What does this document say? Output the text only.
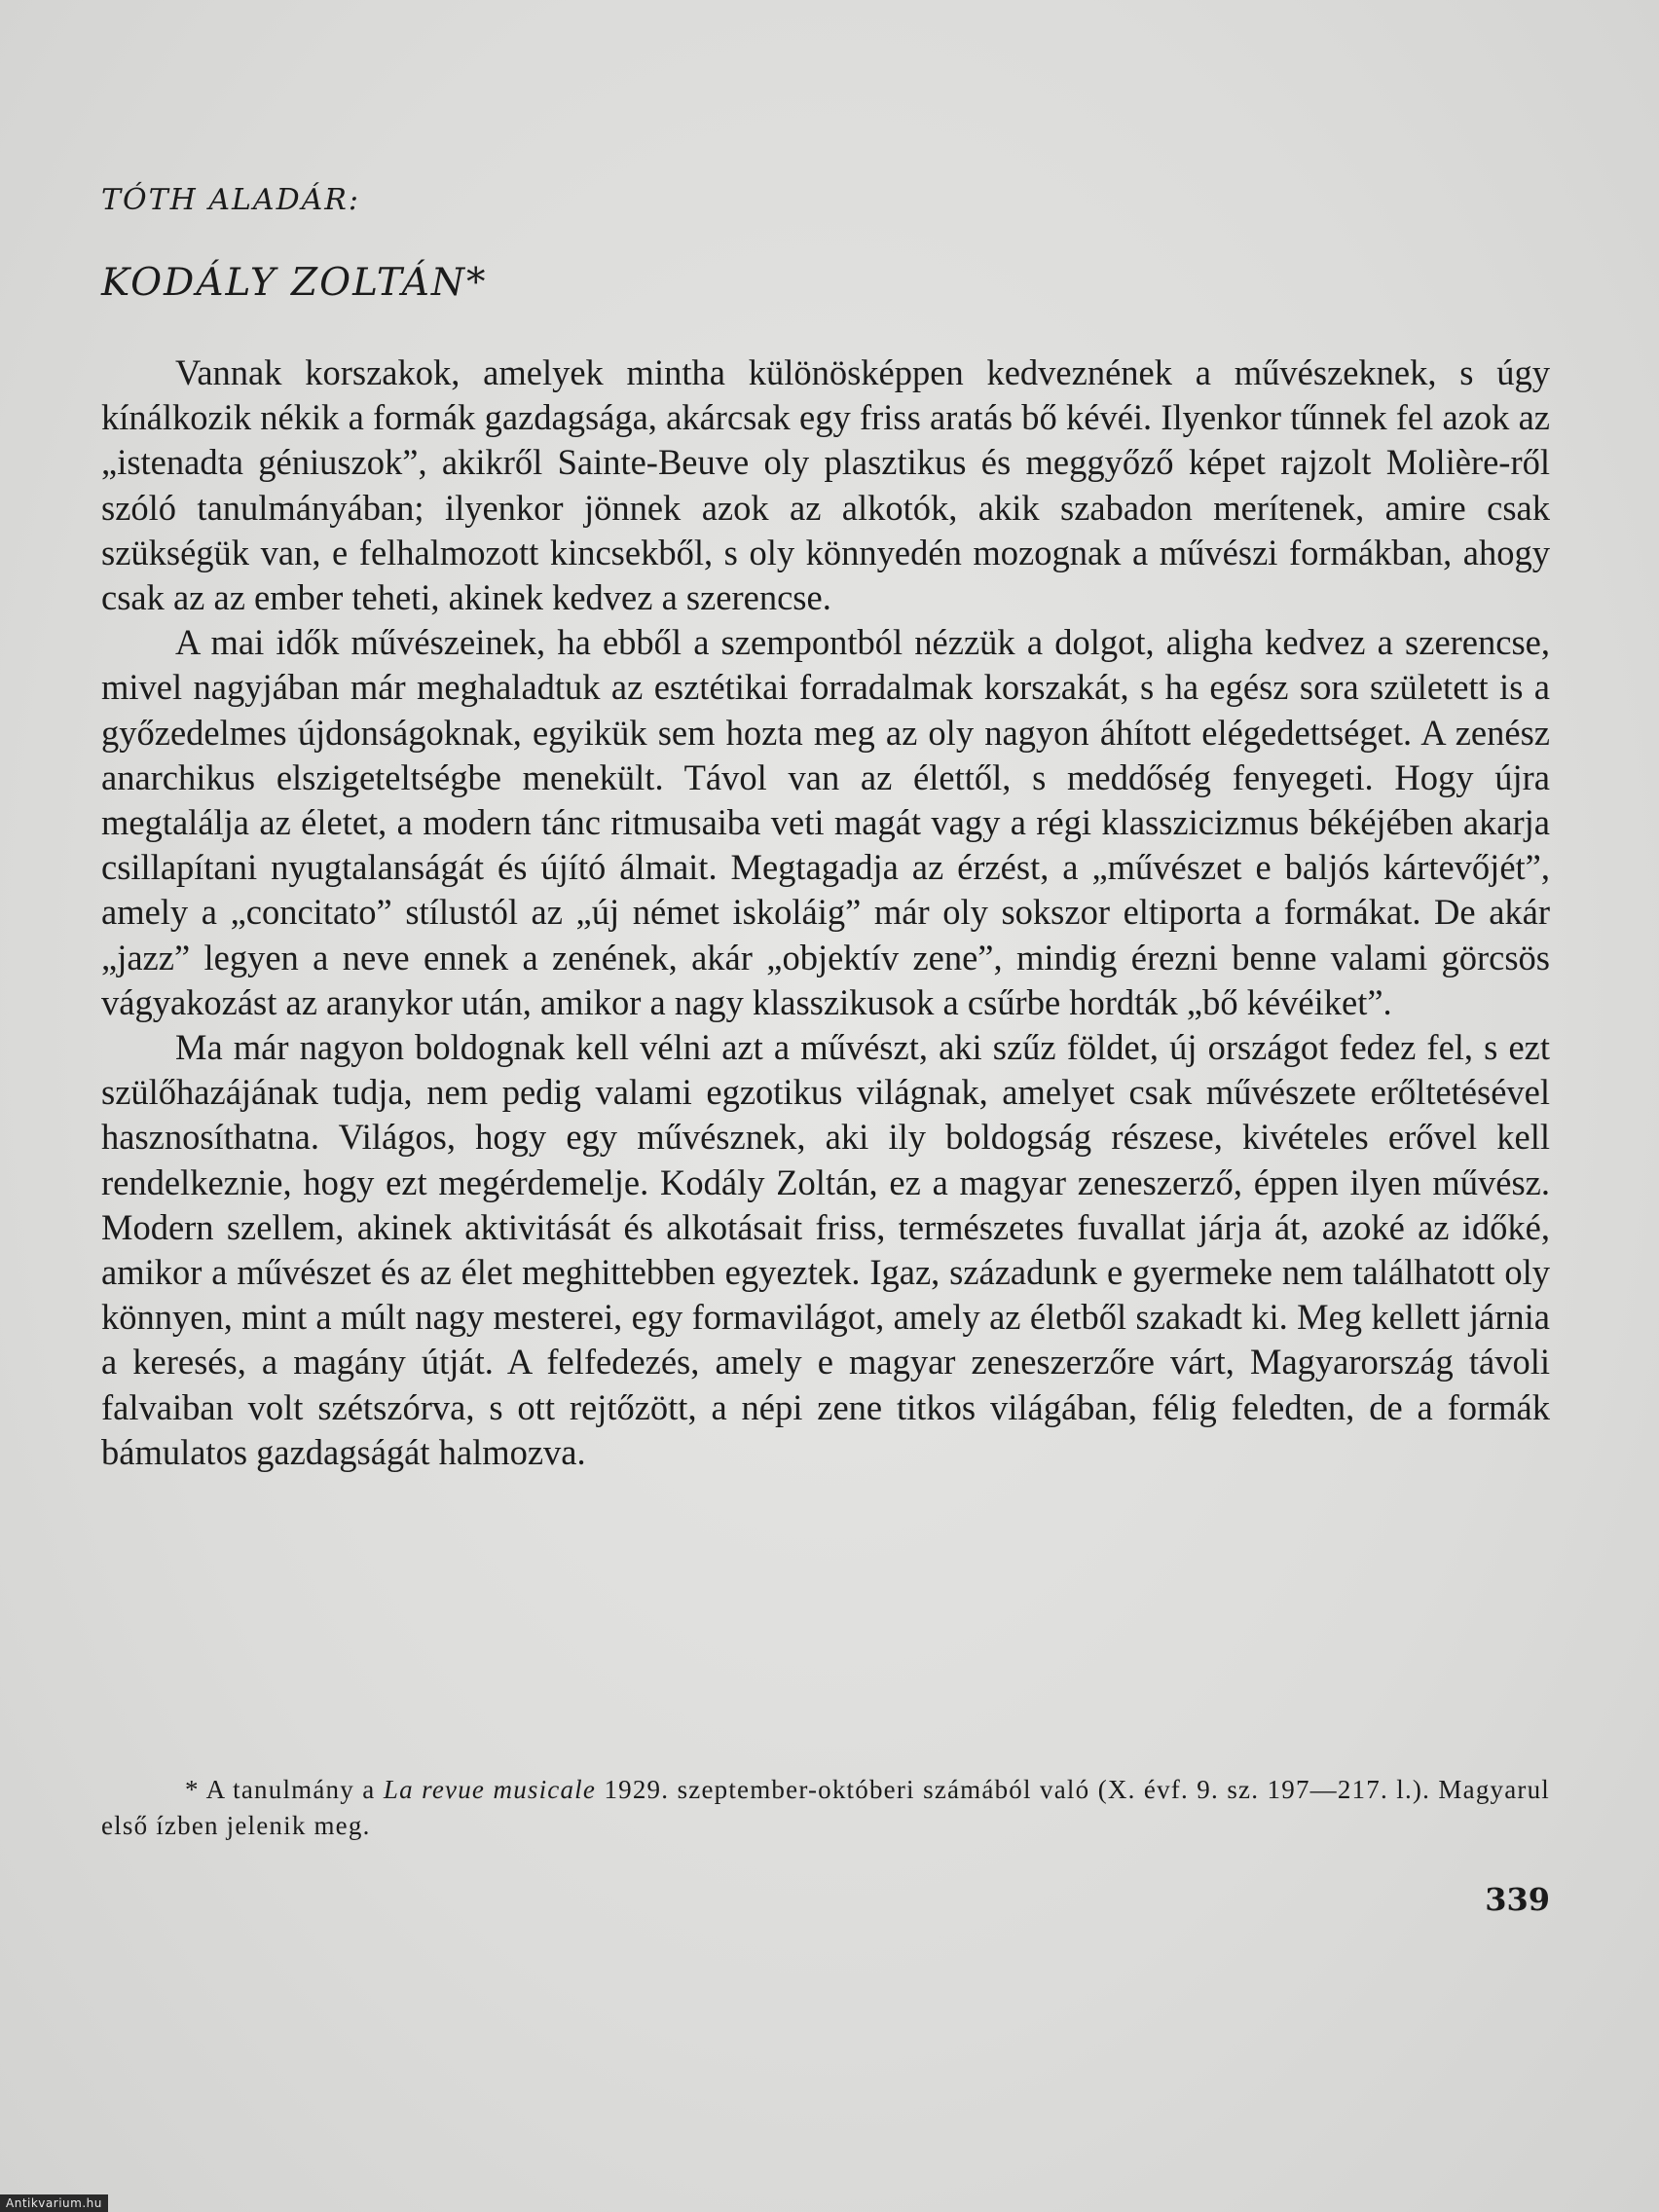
TÓTH ALADÁR:
KODÁLY ZOLTÁN*

Vannak korszakok, amelyek mintha különösképpen kedveznének a művészeknek, s úgy kínálkozik nékik a formák gazdagsága, akárcsak egy friss aratás bő kévéi. Ilyenkor tűnnek fel azok az „istenadta géniuszok”, akikről Sainte-Beuve oly plasztikus és meggyőző képet rajzolt Molière-ről szóló tanulmányában; ilyenkor jönnek azok az alkotók, akik szabadon merítenek, amire csak szükségük van, e felhalmozott kincsekből, s oly könnyedén mozognak a művészi formákban, ahogy csak az az ember teheti, akinek kedvez a szerencse.

A mai idők művészeinek, ha ebből a szempontból nézzük a dolgot, aligha kedvez a szerencse, mivel nagyjában már meghaladtuk az esztétikai forradalmak korszakát, s ha egész sora született is a győzedelmes újdonságoknak, egyikük sem hozta meg az oly nagyon áhított elégedettséget. A zenész anarchikus elszigeteltségbe menekült. Távol van az élettől, s meddőség fenyegeti. Hogy újra megtalálja az életet, a modern tánc ritmusaiba veti magát vagy a régi klasszicizmus békéjében akarja csillapítani nyugtalanságát és újító álmait. Megtagadja az érzést, a „művészet e baljós kártevőjét”, amely a „concitato” stílustól az „új német iskoláig” már oly sokszor eltiporta a formákat. De akár „jazz” legyen a neve ennek a zenének, akár „objektív zene”, mindig érezni benne valami görcsös vágyakozást az aranykor után, amikor a nagy klasszikusok a csűrbe hordták „bő kévéiket”.

Ma már nagyon boldognak kell vélni azt a művészt, aki szűz földet, új országot fedez fel, s ezt szülőhazájának tudja, nem pedig valami egzotikus világnak, amelyet csak művészete erőltetésével hasznosíthatna. Világos, hogy egy művésznek, aki ily boldogság részese, kivételes erővel kell rendelkeznie, hogy ezt megérdemelje. Kodály Zoltán, ez a magyar zeneszerző, éppen ilyen művész. Modern szellem, akinek aktivitását és alkotásait friss, természetes fuvallat járja át, azoké az időké, amikor a művészet és az élet meghittebben egyeztek. Igaz, századunk e gyermeke nem találhatott oly könnyen, mint a múlt nagy mesterei, egy formavilágot, amely az életből szakadt ki. Meg kellett járnia a keresés, a magány útját. A felfedezés, amely e magyar zeneszerzőre várt, Magyarország távoli falvaiban volt szétszórva, s ott rejtőzött, a népi zene titkos világában, félig feledten, de a formák bámulatos gazdagságát halmozva.

* A tanulmány a La revue musicale 1929. szeptember-októberi számából való (X. évf. 9. sz. 197—217. l.). Magyarul első ízben jelenik meg.
339
Antikvarium.hu
